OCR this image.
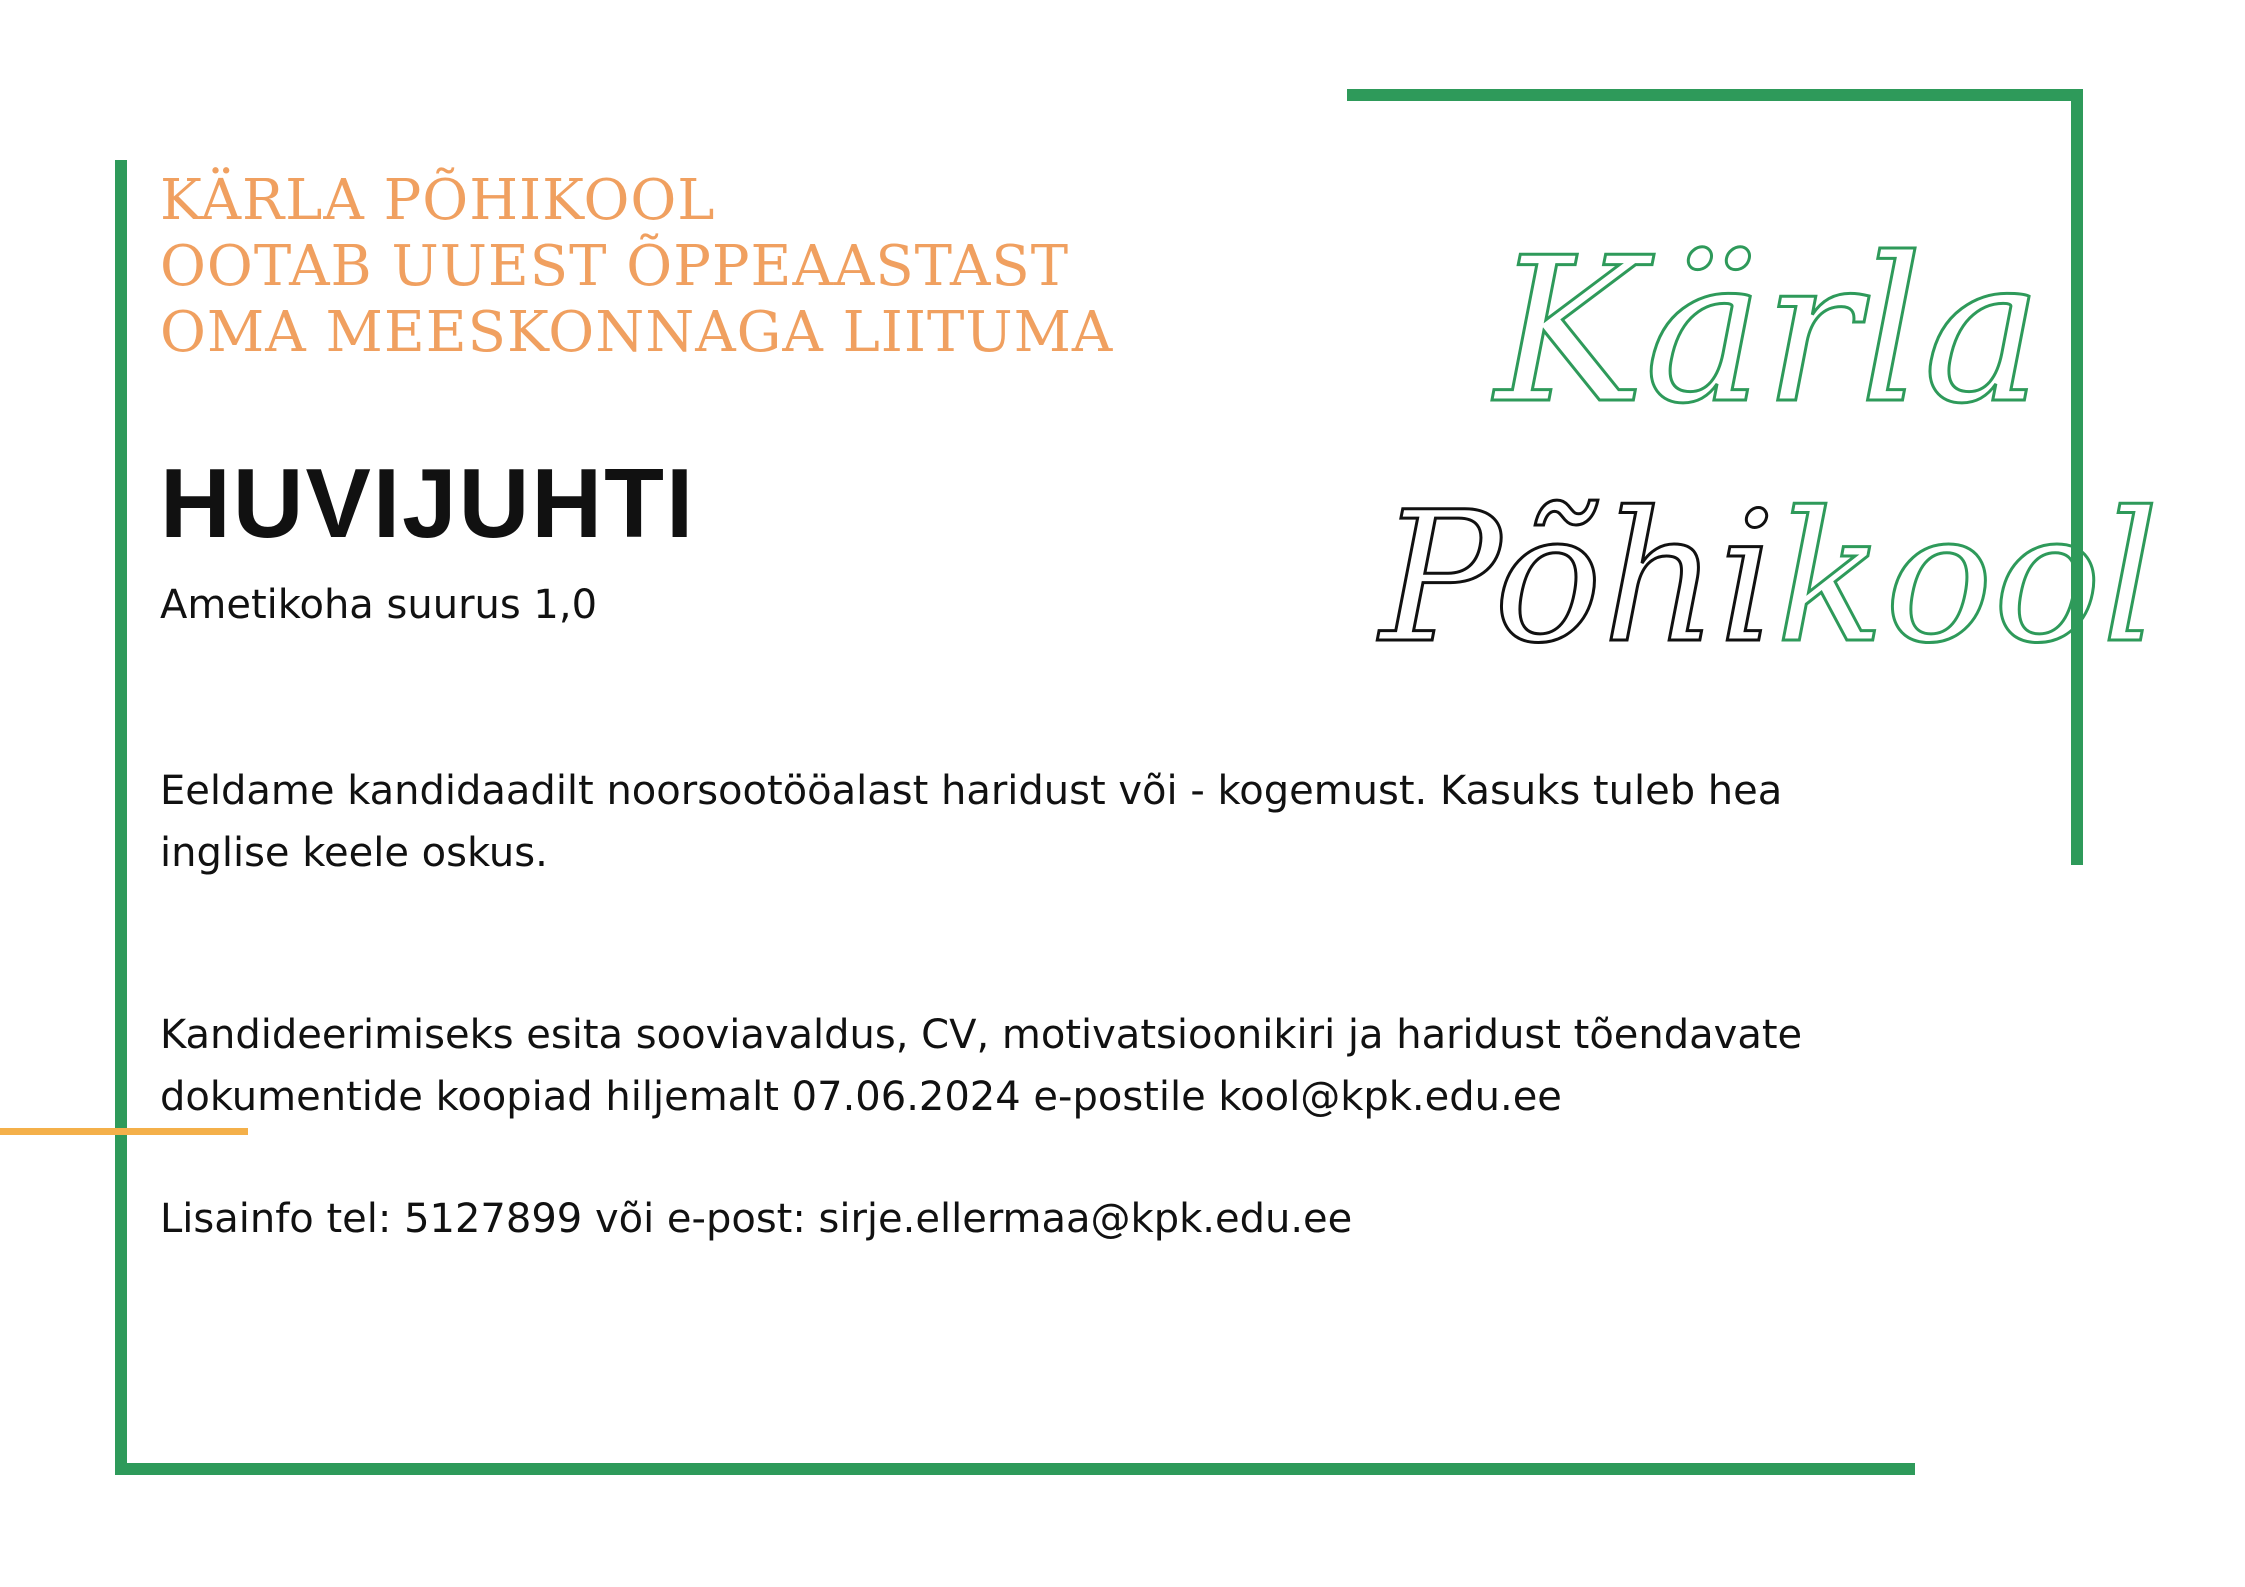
KÄRLA PÕHIKOOL
OOTAB UUEST ÕPPEAASTAST
OMA MEESKONNAGA LIITUMA
HUVIJUHTI
Ametikoha suurus 1,0
Eeldame kandidaadilt noorsootööalast haridust või - kogemust. Kasuks tuleb hea
inglise keele oskus.
Kandideerimiseks esita sooviavaldus, CV, motivatsioonikiri ja haridust tõendavate
dokumentide koopiad hiljemalt 07.06.2024 e-postile kool@kpk.edu.ee
Lisainfo tel: 5127899 või e-post: sirje.ellermaa@kpk.edu.ee
Kärla
Põhikool
